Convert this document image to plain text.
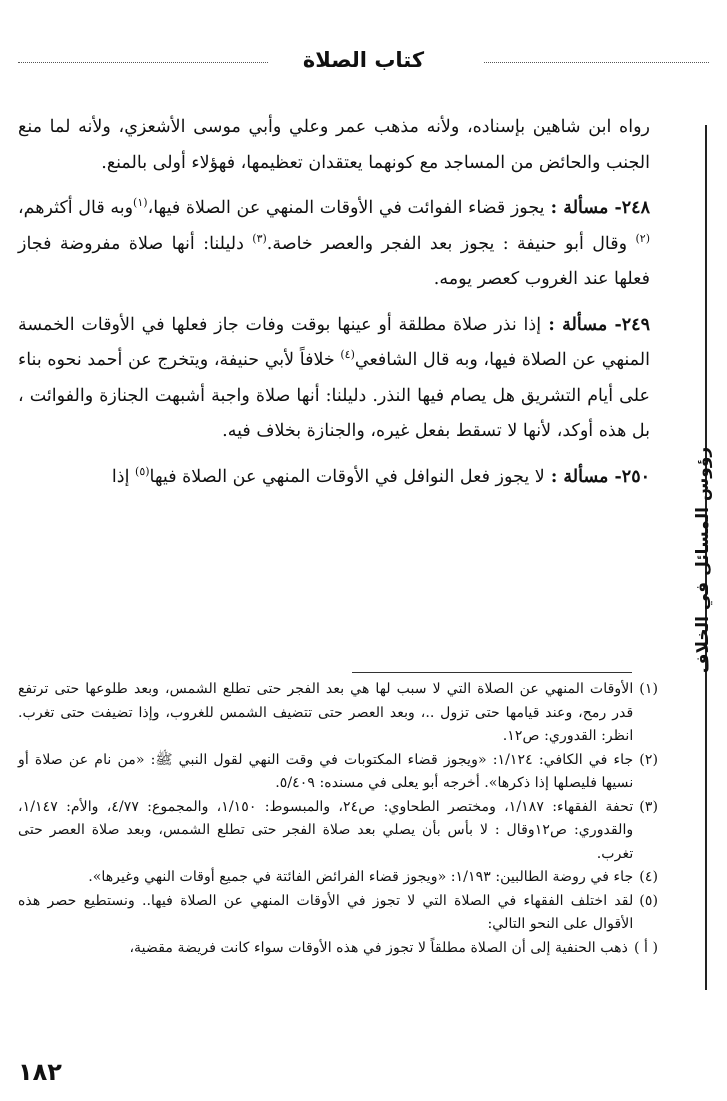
كتاب الصلاة
رؤوس المسائل في الخلاف

رواه ابن شاهين بإسناده، ولأنه مذهب عمر وعلي وأبي موسى الأشعزي، ولأنه لما منع الجنب والحائض من المساجد مع كونهما يعتقدان تعظيمها، فهؤلاء أولى بالمنع.

٢٤٨- مسألة : يجوز قضاء الفوائت في الأوقات المنهي عن الصلاة فيها،$^{(١)}$وبه قال أكثرهم،$^{(٢)}$ وقال أبو حنيفة : يجوز بعد الفجر والعصر خاصة.$^{(٣)}$ دليلنا: أنها صلاة مفروضة فجاز فعلها عند الغروب كعصر يومه.

٢٤٩- مسألة : إذا نذر صلاة مطلقة أو عينها بوقت وفات جاز فعلها في الأوقات الخمسة المنهي عن الصلاة فيها، وبه قال الشافعي$^{(٤)}$ خلافاً لأبي حنيفة، ويتخرج عن أحمد نحوه بناء على أيام التشريق هل يصام فيها النذر. دليلنا: أنها صلاة واجبة أشبهت الجنازة والفوائت ، بل هذه أوكد، لأنها لا تسقط بفعل غيره، والجنازة بخلاف فيه.

٢٥٠- مسألة : لا يجوز فعل النوافل في الأوقات المنهي عن الصلاة فيها$^{(٥)}$ إذا

(١)
الأوقات المنهي عن الصلاة التي لا سبب لها هي بعد الفجر حتى تطلع الشمس، وبعد طلوعها حتى ترتفع قدر رمح، وعند قيامها حتى تزول ..، وبعد العصر حتى تتضيف الشمس للغروب، وإذا تضيفت حتى تغرب. انظر: القدوري: ص١٢.
(٢)
جاء في الكافي: ١/١٢٤: «ويجوز قضاء المكتوبات في وقت النهي لقول النبي ﷺ: «من نام عن صلاة أو نسيها فليصلها إذا ذكرها». أخرجه أبو يعلى في مسنده: ٥/٤٠٩.
(٣)
تحفة الفقهاء: ١/١٨٧، ومختصر الطحاوي: ص٢٤، والمبسوط: ١/١٥٠، والمجموع: ٤/٧٧، والأم: ١/١٤٧، والقدوري: ص١٢وقال : لا بأس بأن يصلي بعد صلاة الفجر حتى تطلع الشمس، وبعد صلاة العصر حتى تغرب.
(٤)
جاء في روضة الطالبين: ١/١٩٣: «ويجوز قضاء الفرائض الفائتة في جميع أوقات النهي وغيرها».
(٥)
لقد اختلف الفقهاء في الصلاة التي لا تجوز في الأوقات المنهي عن الصلاة فيها.. ونستطيع حصر هذه الأقوال على النحو التالي:
( أ )
ذهب الحنفية إلى أن الصلاة مطلقاً لا تجوز في هذه الأوقات سواء كانت فريضة مقضية،
١٨٢
